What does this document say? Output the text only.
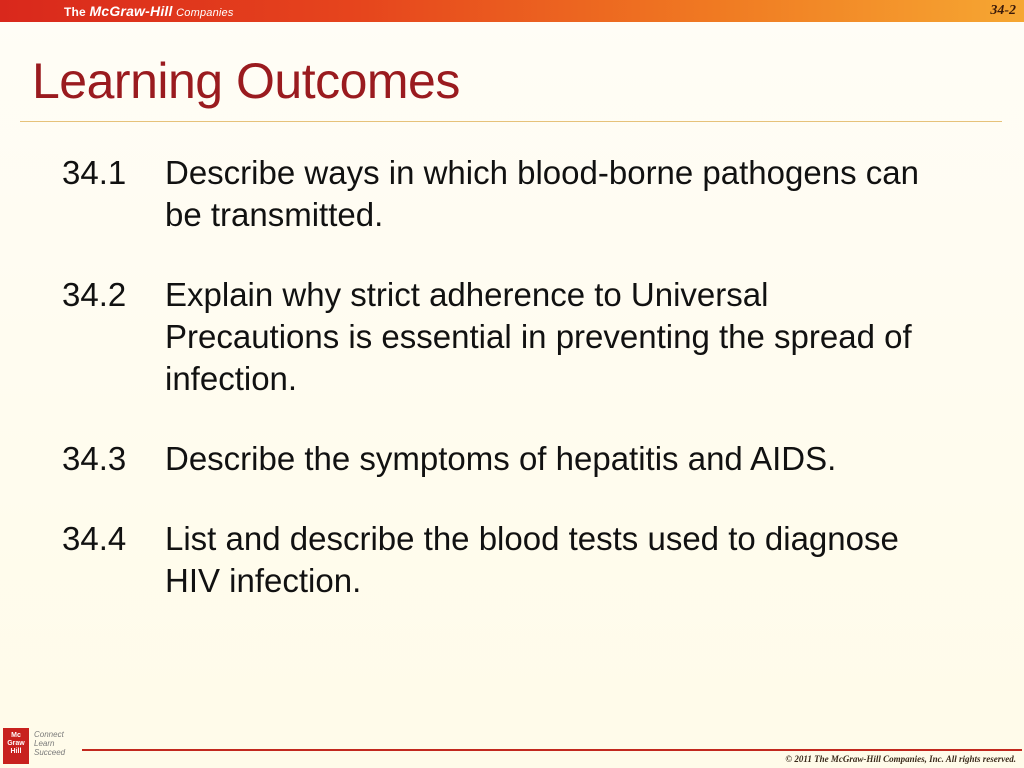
The McGraw-Hill Companies	34-2
Learning Outcomes
34.1	Describe ways in which blood-borne pathogens can be transmitted.
34.2	Explain why strict adherence to Universal Precautions is essential in preventing the spread of infection.
34.3	Describe the symptoms of hepatitis and AIDS.
34.4	List and describe the blood tests used to diagnose HIV infection.
Mc
Graw
Hill
Connect
Learn
Succeed
© 2011 The McGraw-Hill Companies, Inc. All rights reserved.
